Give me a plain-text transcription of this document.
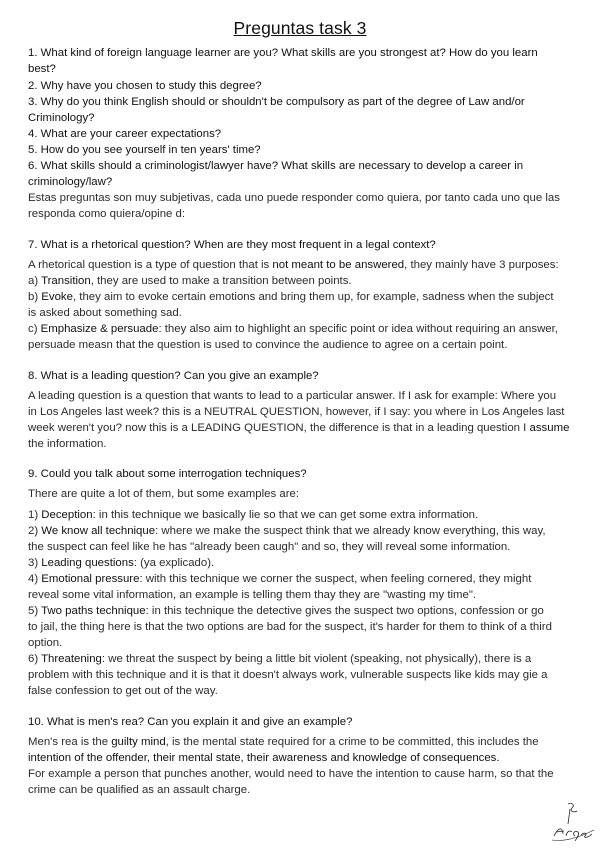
Preguntas task 3
1. What kind of foreign language learner are you? What skills are you strongest at? How do you learn
best?
2. Why have you chosen to study this degree?
3. Why do you think English should or shouldn't be compulsory as part of the degree of Law and/or
Criminology?
4. What are your career expectations?
5. How do you see yourself in ten years' time?
6. What skills should a criminologist/lawyer have? What skills are necessary to develop a career in
criminology/law?
Estas preguntas son muy subjetivas, cada uno puede responder como quiera, por tanto cada uno que las
responda como quiera/opine d:
7. What is a rhetorical question? When are they most frequent in a legal context?
A rhetorical question is a type of question that is not meant to be answered, they mainly have 3 purposes:
a) Transition, they are used to make a transition between points.
b) Evoke, they aim to evoke certain emotions and bring them up, for example, sadness when the subject
is asked about something sad.
c) Emphasize & persuade: they also aim to highlight an specific point or idea without requiring an answer,
persuade measn that the question is used to convince the audience to agree on a certain point.
8. What is a leading question? Can you give an example?
A leading question is a question that wants to lead to a particular answer. If I ask for example: Where you
in Los Angeles last week? this is a NEUTRAL QUESTION, however, if I say: you where in Los Angeles last
week weren't you? now this is a LEADING QUESTION, the difference is that in a leading question I assume
the information.
9. Could you talk about some interrogation techniques?
There are quite a lot of them, but some examples are:
1) Deception: in this technique we basically lie so that we can get some extra information.
2) We know all technique: where we make the suspect think that we already know everything, this way,
the suspect can feel like he has "already been caugh" and so, they will reveal some information.
3) Leading questions: (ya explicado).
4) Emotional pressure: with this technique we corner the suspect, when feeling cornered, they might
reveal some vital information, an example is telling them thay they are "wasting my time".
5) Two paths technique: in this technique the detective gives the suspect two options, confession or go
to jail, the thing here is that the two options are bad for the suspect, it's harder for them to think of a third
option.
6) Threatening: we threat the suspect by being a little bit violent (speaking, not physically), there is a
problem with this technique and it is that it doesn't always work, vulnerable suspects like kids may gie a
false confession to get out of the way.
10. What is men's rea? Can you explain it and give an example?
Men's rea is the guilty mind, is the mental state required for a crime to be committed, this includes the
intention of the offender, their mental state, their awareness and knowledge of consequences.
For example a person that punches another, would need to have the intention to cause harm, so that the
crime can be qualified as an assault charge.
